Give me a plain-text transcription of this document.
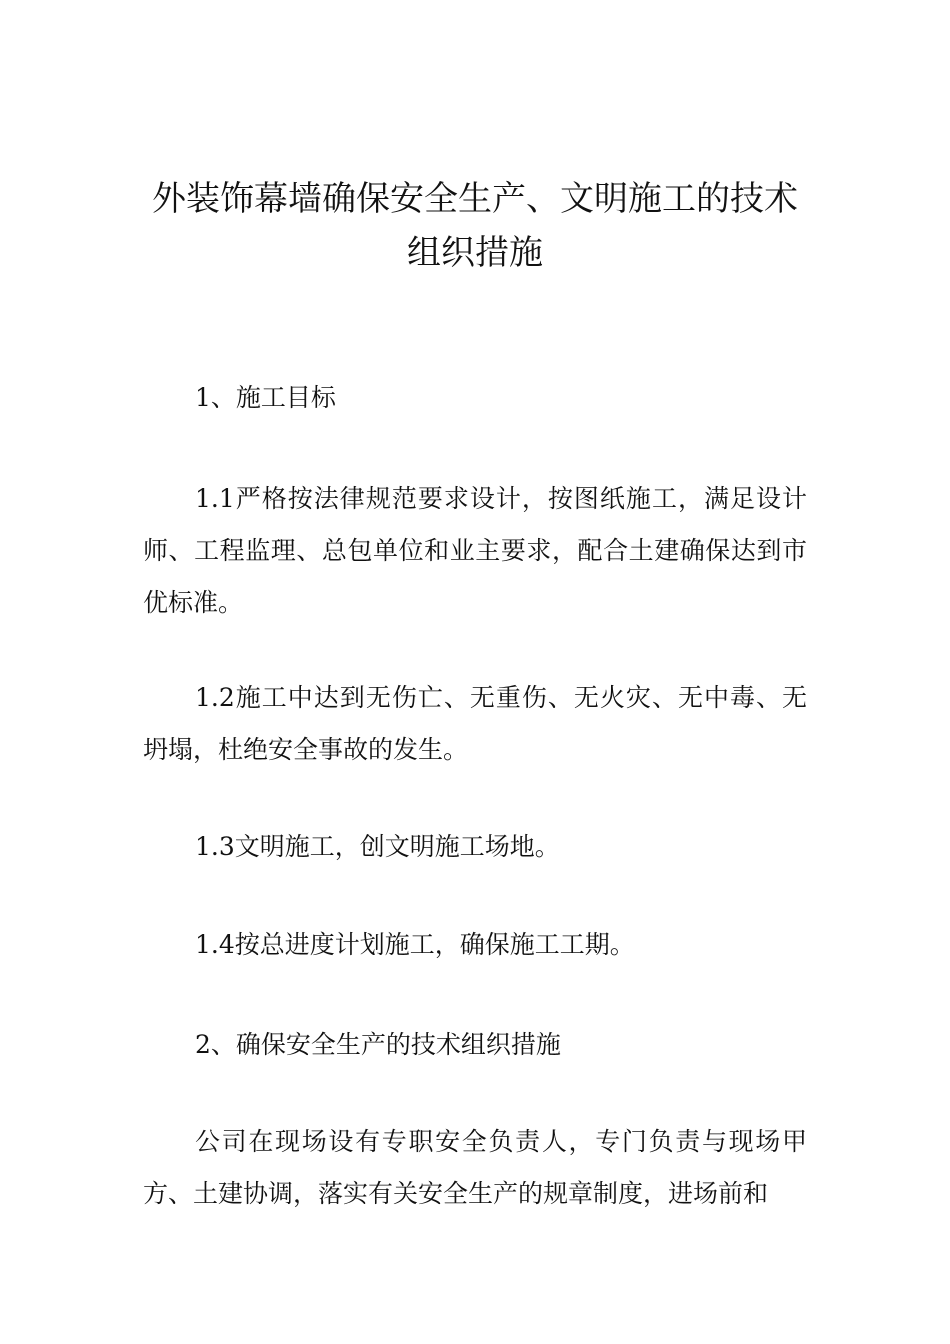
外装饰幕墙确保安全生产、文明施工的技术组织措施

1、施工目标

1.1严格按法律规范要求设计，按图纸施工，满足设计师、工程监理、总包单位和业主要求，配合土建确保达到市优标准。

1.2施工中达到无伤亡、无重伤、无火灾、无中毒、无坍塌，杜绝安全事故的发生。

1.3文明施工，创文明施工场地。

1.4按总进度计划施工，确保施工工期。

2、确保安全生产的技术组织措施

公司在现场设有专职安全负责人，专门负责与现场甲方、土建协调，落实有关安全生产的规章制度，进场前和
